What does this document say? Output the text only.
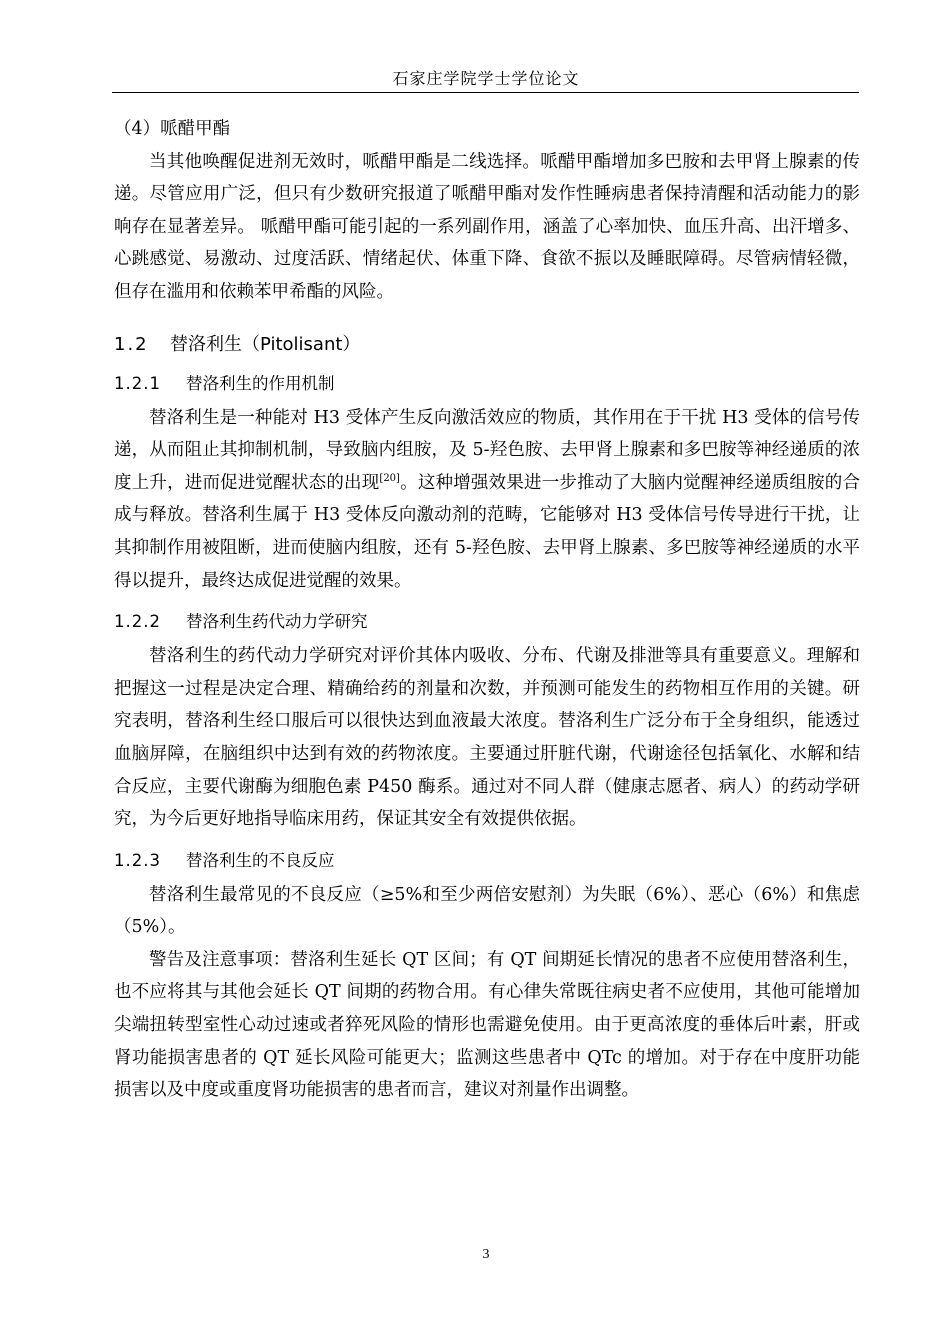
石家庄学院学士学位论文

（4）哌醋甲酯

当其他唤醒促进剂无效时，哌醋甲酯是二线选择。哌醋甲酯增加多巴胺和去甲肾上腺素的传递。尽管应用广泛，但只有少数研究报道了哌醋甲酯对发作性睡病患者保持清醒和活动能力的影响存在显著差异。 哌醋甲酯可能引起的一系列副作用，涵盖了心率加快、血压升高、出汗增多、心跳感觉、易激动、过度活跃、情绪起伏、体重下降、食欲不振以及睡眠障碍。尽管病情轻微，但存在滥用和依赖苯甲希酯的风险。

1.2 替洛利生（Pitolisant）
1.2.1 替洛利生的作用机制

替洛利生是一种能对 H3 受体产生反向激活效应的物质，其作用在于干扰 H3 受体的信号传递，从而阻止其抑制机制，导致脑内组胺，及 5-羟色胺、去甲肾上腺素和多巴胺等神经递质的浓度上升，进而促进觉醒状态的出现[20]。这种增强效果进一步推动了大脑内觉醒神经递质组胺的合成与释放。替洛利生属于 H3 受体反向激动剂的范畴，它能够对 H3 受体信号传导进行干扰，让其抑制作用被阻断，进而使脑内组胺，还有 5-羟色胺、去甲肾上腺素、多巴胺等神经递质的水平得以提升，最终达成促进觉醒的效果。

1.2.2 替洛利生药代动力学研究

替洛利生的药代动力学研究对评价其体内吸收、分布、代谢及排泄等具有重要意义。理解和把握这一过程是决定合理、精确给药的剂量和次数，并预测可能发生的药物相互作用的关键。研究表明，替洛利生经口服后可以很快达到血液最大浓度。替洛利生广泛分布于全身组织，能透过血脑屏障，在脑组织中达到有效的药物浓度。主要通过肝脏代谢，代谢途径包括氧化、水解和结合反应，主要代谢酶为细胞色素 P450 酶系。通过对不同人群（健康志愿者、病人）的药动学研究，为今后更好地指导临床用药，保证其安全有效提供依据。

1.2.3 替洛利生的不良反应

替洛利生最常见的不良反应（≥5%和至少两倍安慰剂）为失眠（6%）、恶心（6%）和焦虑（5%）。

警告及注意事项：替洛利生延长 QT 区间；有 QT 间期延长情况的患者不应使用替洛利生，也不应将其与其他会延长 QT 间期的药物合用。有心律失常既往病史者不应使用，其他可能增加尖端扭转型室性心动过速或者猝死风险的情形也需避免使用。由于更高浓度的垂体后叶素，肝或肾功能损害患者的 QT 延长风险可能更大；监测这些患者中 QTc 的增加。对于存在中度肝功能损害以及中度或重度肾功能损害的患者而言，建议对剂量作出调整。

3
